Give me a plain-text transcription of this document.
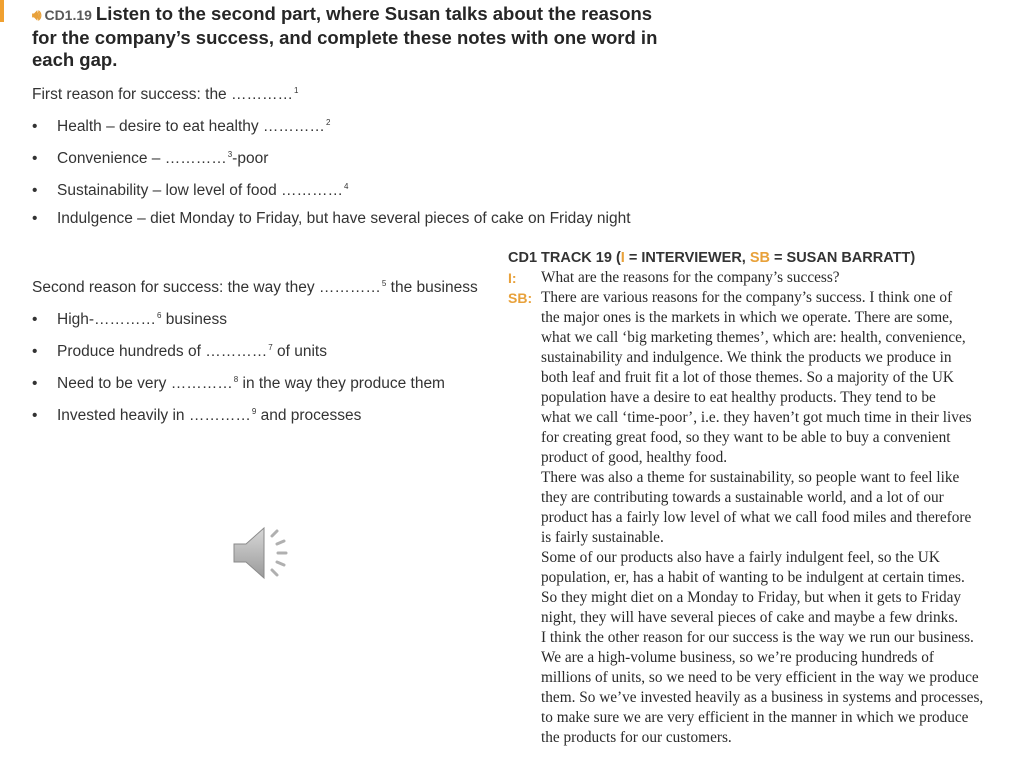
🔊︎ CD1.19 Listen to the second part, where Susan talks about the reasons for the company’s success, and complete these notes with one word in each gap.
First reason for success: the …………$^1$
• Health – desire to eat healthy …………$^2$
• Convenience – …………$^3$-poor
• Sustainability – low level of food …………$^4$
• Indulgence – diet Monday to Friday, but have several pieces of cake on Friday night
Second reason for success: the way they …………$^5$ the business
• High-…………$^6$ business
• Produce hundreds of …………$^7$ of units
• Need to be very …………$^8$ in the way they produce them
• Invested heavily in …………$^9$ and processes
CD1 TRACK 19 (I = INTERVIEWER, SB = SUSAN BARRATT)
I:	What are the reasons for the company’s success?
SB: There are various reasons for the company’s success. I think one of
the major ones is the markets in which we operate. There are some,
what we call ‘big marketing themes’, which are: health, convenience,
sustainability and indulgence. We think the products we produce in
both leaf and fruit fit a lot of those themes. So a majority of the UK
population have a desire to eat healthy products. They tend to be
what we call ‘time-poor’, i.e. they haven’t got much time in their lives
for creating great food, so they want to be able to buy a convenient
product of good, healthy food.
There was also a theme for sustainability, so people want to feel like
they are contributing towards a sustainable world, and a lot of our
product has a fairly low level of what we call food miles and therefore
is fairly sustainable.
Some of our products also have a fairly indulgent feel, so the UK
population, er, has a habit of wanting to be indulgent at certain times.
So they might diet on a Monday to Friday, but when it gets to Friday
night, they will have several pieces of cake and maybe a few drinks.
I think the other reason for our success is the way we run our business.
We are a high-volume business, so we’re producing hundreds of
millions of units, so we need to be very efficient in the way we produce
them. So we’ve invested heavily as a business in systems and processes,
to make sure we are very efficient in the manner in which we produce
the products for our customers.
